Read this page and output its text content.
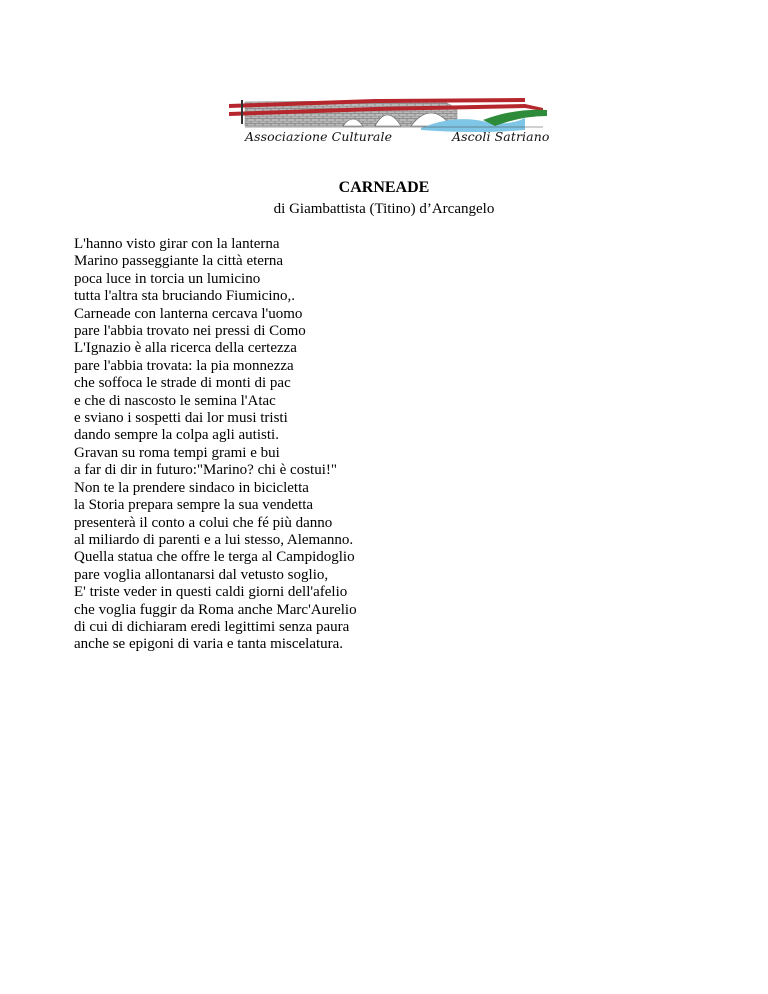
Associazione Culturale	Ascoli Satriano
CARNEADE

di Giambattista (Titino) d’Arcangelo

L'hanno visto girar con la lanterna
Marino passeggiante la città eterna
poca luce in torcia un lumicino
tutta l'altra sta bruciando Fiumicino,.
Carneade con lanterna cercava l'uomo
pare l'abbia trovato nei pressi di Como
L'Ignazio è alla ricerca della certezza
pare l'abbia trovata: la pia monnezza
che soffoca le strade di monti di pac
e che di nascosto le semina l'Atac
e sviano i sospetti dai lor musi tristi
dando sempre la colpa agli autisti.
Gravan su roma tempi grami e bui
a far di dir in futuro:"Marino? chi è costui!"
Non te la prendere sindaco in bicicletta
la Storia prepara sempre la sua vendetta
presenterà il conto a colui che fé più danno
al miliardo di parenti e a lui stesso, Alemanno.
Quella statua che offre le terga al Campidoglio
pare voglia allontanarsi dal vetusto soglio,
E' triste veder in questi caldi giorni dell'afelio
che voglia fuggir da Roma anche Marc'Aurelio
di cui di dichiaram eredi legittimi senza paura
anche se epigoni di varia e tanta miscelatura.
